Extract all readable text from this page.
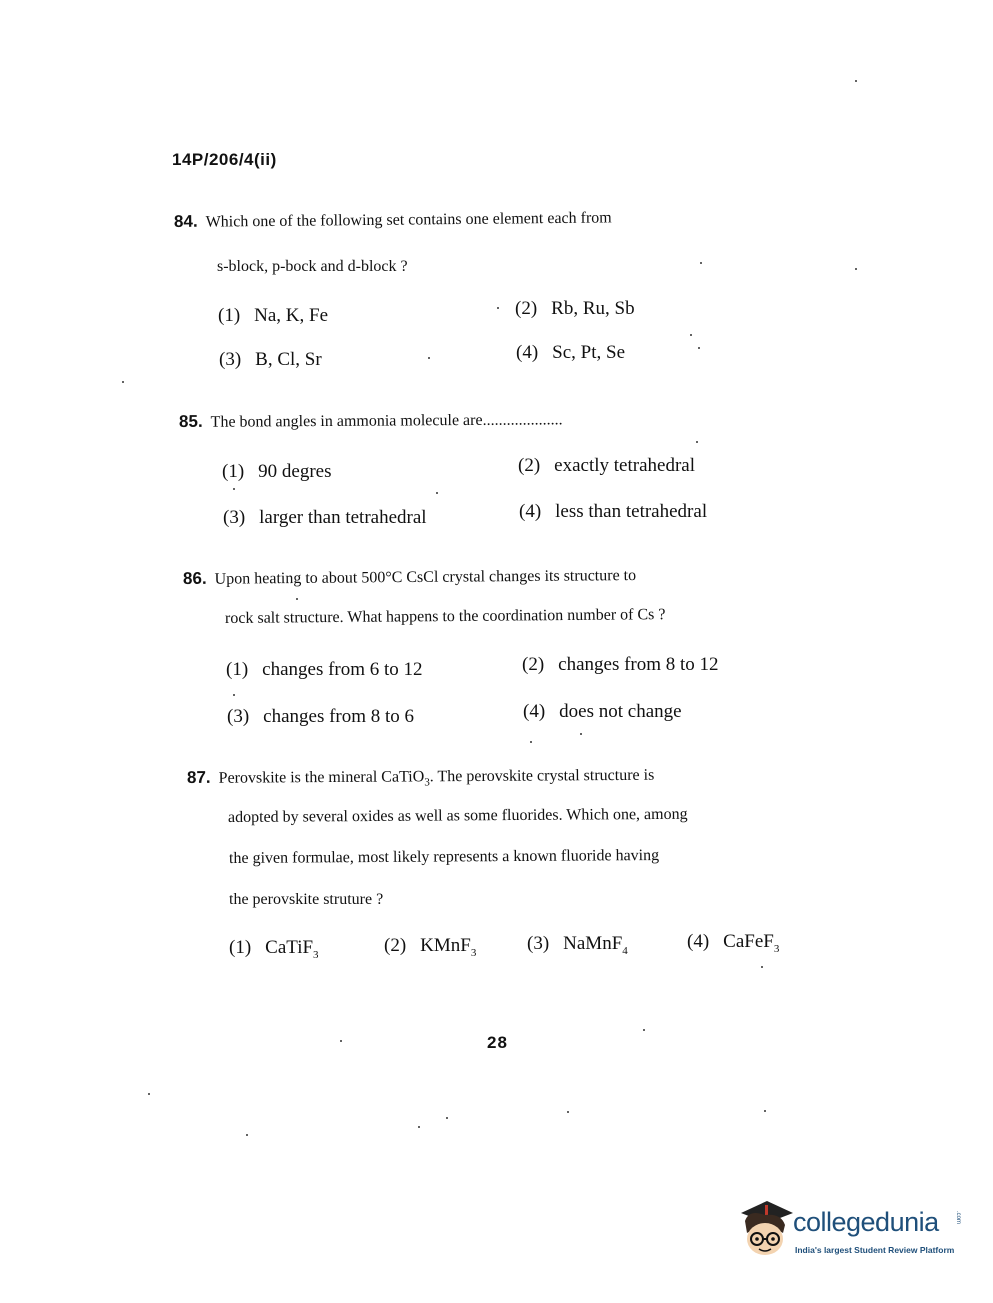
14P/206/4(ii)
84. Which one of the following set contains one element each from
s-block, p-bock and d-block ?
(1) Na, K, Fe	(2) Rb, Ru, Sb
(3) B, Cl, Sr	(4) Sc, Pt, Se
85. The bond angles in ammonia molecule are....................
(1) 90 degres	(2) exactly tetrahedral
(3) larger than tetrahedral	(4) less than tetrahedral
86. Upon heating to about 500°C CsCl crystal changes its structure to
rock salt structure. What happens to the coordination number of Cs ?
(1) changes from 6 to 12	(2) changes from 8 to 12
(3) changes from 8 to 6	(4) does not change
87. Perovskite is the mineral CaTiO$_3$. The perovskite crystal structure is
adopted by several oxides as well as some fluorides. Which one, among
the given formulae, most likely represents a known fluoride having
the perovskite struture ?
(1) CaTiF$_3$	(2) KMnF$_3$	(3) NaMnF$_4$	(4) CaFeF$_3$
28
collegedunia	.com
India's largest Student Review Platform
